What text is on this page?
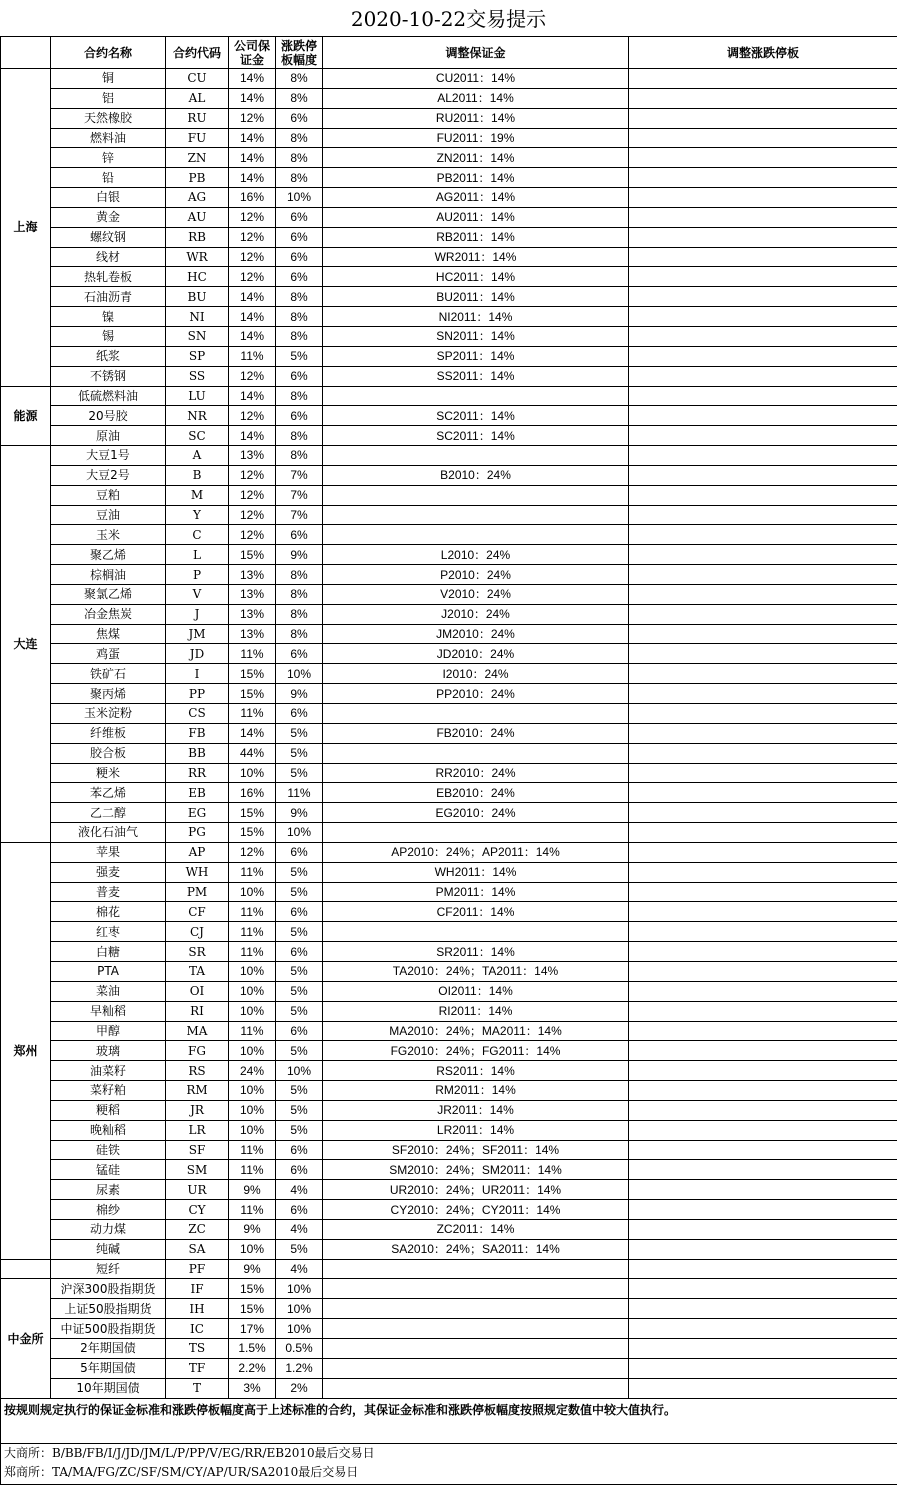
2020-10-22交易提示
	合约名称	合约代码	公司保证金	涨跌停板幅度	调整保证金	调整涨跌停板
上海	铜	CU	14%	8%	CU2011：14%	
	铝	AL	14%	8%	AL2011：14%	
	天然橡胶	RU	12%	6%	RU2011：14%	
	燃料油	FU	14%	8%	FU2011：19%	
	锌	ZN	14%	8%	ZN2011：14%	
	铅	PB	14%	8%	PB2011：14%	
	白银	AG	16%	10%	AG2011：14%	
	黄金	AU	12%	6%	AU2011：14%	
	螺纹钢	RB	12%	6%	RB2011：14%	
	线材	WR	12%	6%	WR2011：14%	
	热轧卷板	HC	12%	6%	HC2011：14%	
	石油沥青	BU	14%	8%	BU2011：14%	
	镍	NI	14%	8%	NI2011：14%	
	锡	SN	14%	8%	SN2011：14%	
	纸浆	SP	11%	5%	SP2011：14%	
	不锈钢	SS	12%	6%	SS2011：14%	
能源	低硫燃料油	LU	14%	8%		
	20号胶	NR	12%	6%	SC2011：14%	
	原油	SC	14%	8%	SC2011：14%	
大连	大豆1号	A	13%	8%		
	大豆2号	B	12%	7%	B2010：24%	
	豆粕	M	12%	7%		
	豆油	Y	12%	7%		
	玉米	C	12%	6%		
	聚乙烯	L	15%	9%	L2010：24%	
	棕榈油	P	13%	8%	P2010：24%	
	聚氯乙烯	V	13%	8%	V2010：24%	
	冶金焦炭	J	13%	8%	J2010：24%	
	焦煤	JM	13%	8%	JM2010：24%	
	鸡蛋	JD	11%	6%	JD2010：24%	
	铁矿石	I	15%	10%	I2010：24%	
	聚丙烯	PP	15%	9%	PP2010：24%	
	玉米淀粉	CS	11%	6%		
	纤维板	FB	14%	5%	FB2010：24%	
	胶合板	BB	44%	5%		
	粳米	RR	10%	5%	RR2010：24%	
	苯乙烯	EB	16%	11%	EB2010：24%	
	乙二醇	EG	15%	9%	EG2010：24%	
	液化石油气	PG	15%	10%		
郑州	苹果	AP	12%	6%	AP2010：24%；AP2011：14%	
	强麦	WH	11%	5%	WH2011：14%	
	普麦	PM	10%	5%	PM2011：14%	
	棉花	CF	11%	6%	CF2011：14%	
	红枣	CJ	11%	5%		
	白糖	SR	11%	6%	SR2011：14%	
	PTA	TA	10%	5%	TA2010：24%；TA2011：14%	
	菜油	OI	10%	5%	OI2011：14%	
	早籼稻	RI	10%	5%	RI2011：14%	
	甲醇	MA	11%	6%	MA2010：24%；MA2011：14%	
	玻璃	FG	10%	5%	FG2010：24%；FG2011：14%	
	油菜籽	RS	24%	10%	RS2011：14%	
	菜籽粕	RM	10%	5%	RM2011：14%	
	粳稻	JR	10%	5%	JR2011：14%	
	晚籼稻	LR	10%	5%	LR2011：14%	
	硅铁	SF	11%	6%	SF2010：24%；SF2011：14%	
	锰硅	SM	11%	6%	SM2010：24%；SM2011：14%	
	尿素	UR	9%	4%	UR2010：24%；UR2011：14%	
	棉纱	CY	11%	6%	CY2010：24%；CY2011：14%	
	动力煤	ZC	9%	4%	ZC2011：14%	
	纯碱	SA	10%	5%	SA2010：24%；SA2011：14%	
	短纤	PF	9%	4%		
中金所	沪深300股指期货	IF	15%	10%		
	上证50股指期货	IH	15%	10%		
	中证500股指期货	IC	17%	10%		
	2年期国债	TS	1.5%	0.5%		
	5年期国债	TF	2.2%	1.2%		
	10年期国债	T	3%	2%		
按规则规定执行的保证金标准和涨跌停板幅度高于上述标准的合约，其保证金标准和涨跌停板幅度按照规定数值中较大值执行。						

大商所：B/BB/FB/I/J/JD/JM/L/P/PP/V/EG/RR/EB2010最后交易日
郑商所：TA/MA/FG/ZC/SF/SM/CY/AP/UR/SA2010最后交易日						
